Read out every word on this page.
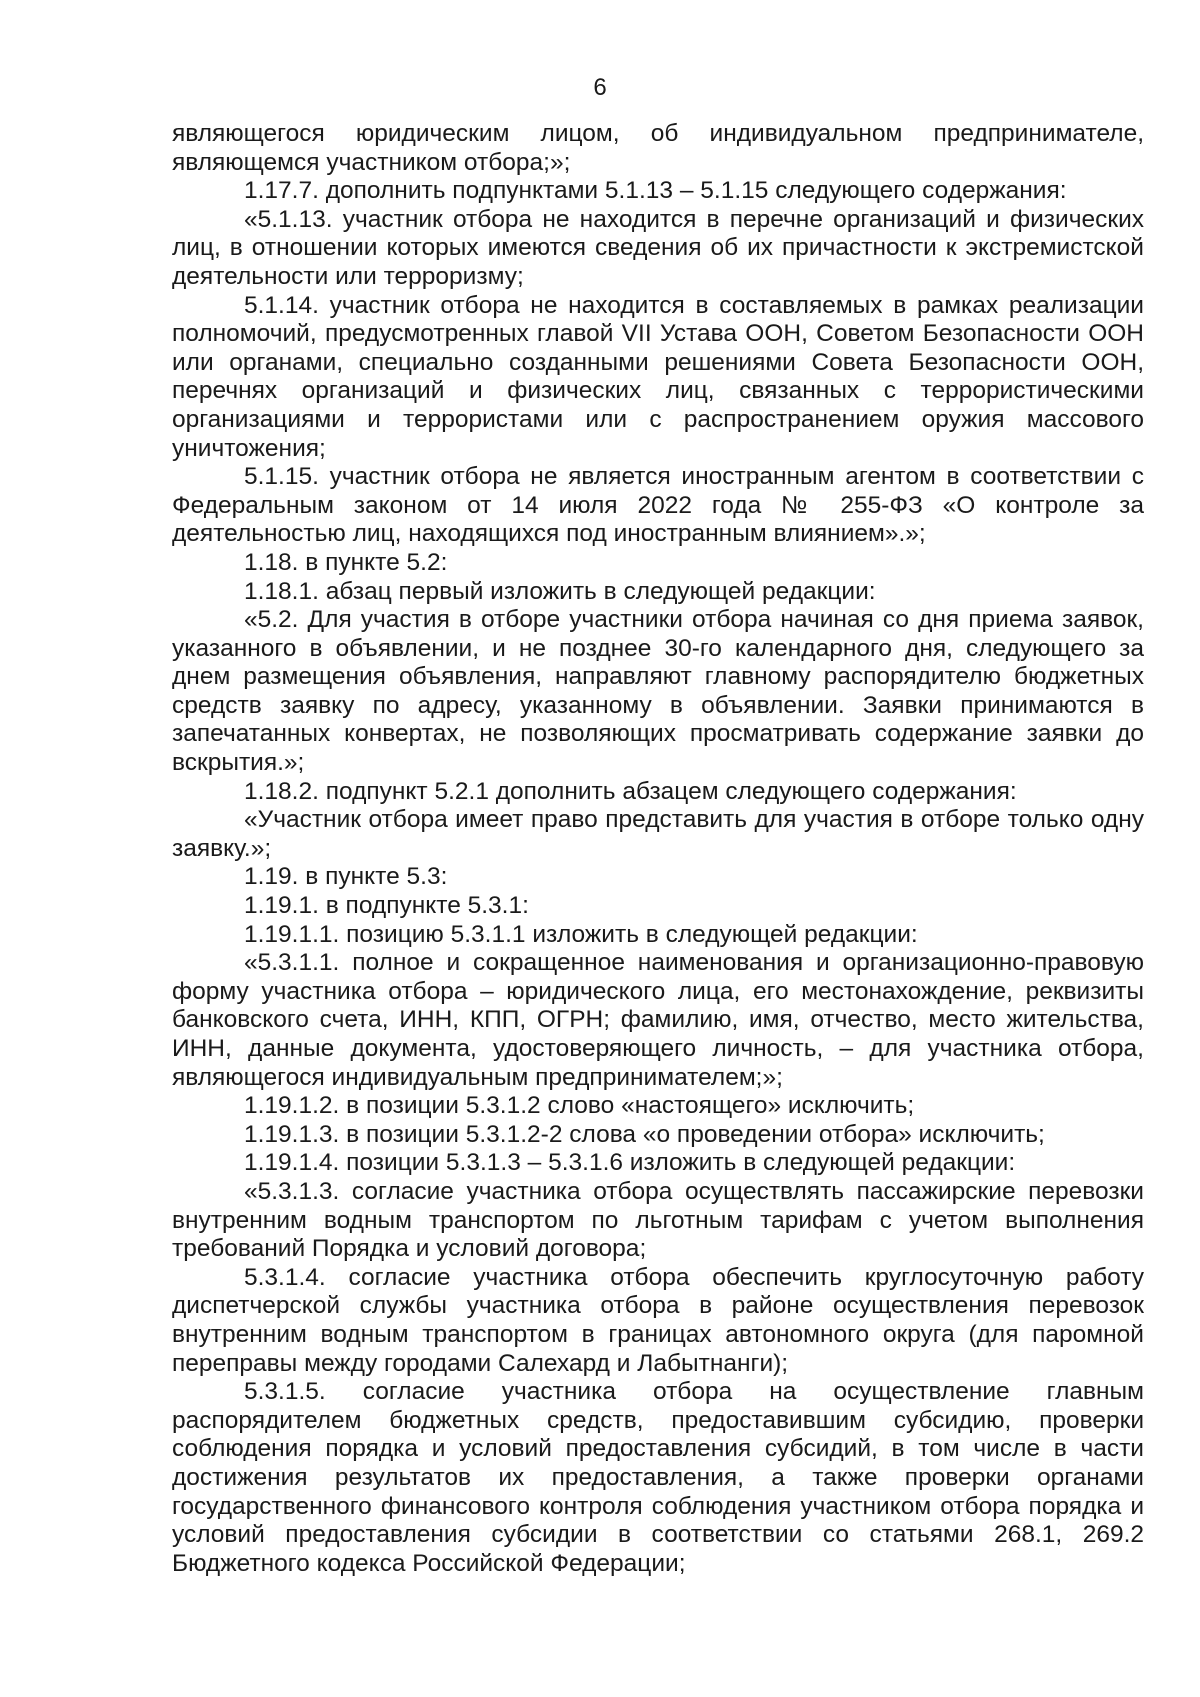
6

являющегося юридическим лицом, об индивидуальном предпринимателе, являющемся участником отбора;»;

1.17.7. дополнить подпунктами 5.1.13 – 5.1.15 следующего содержания:

«5.1.13. участник отбора не находится в перечне организаций и физических лиц, в отношении которых имеются сведения об их причастности к экстремистской деятельности или терроризму;

5.1.14. участник отбора не находится в составляемых в рамках реализации полномочий, предусмотренных главой VII Устава ООН, Советом Безопасности ООН или органами, специально созданными решениями Совета Безопасности ООН, перечнях организаций и физических лиц, связанных с террористическими организациями и террористами или с распространением оружия массового уничтожения;

5.1.15. участник отбора не является иностранным агентом в соответствии с Федеральным законом от 14 июля 2022 года № 255-ФЗ «О контроле за деятельностью лиц, находящихся под иностранным влиянием».»;

1.18. в пункте 5.2:

1.18.1. абзац первый изложить в следующей редакции:

«5.2. Для участия в отборе участники отбора начиная со дня приема заявок, указанного в объявлении, и не позднее 30-го календарного дня, следующего за днем размещения объявления, направляют главному распорядителю бюджетных средств заявку по адресу, указанному в объявлении. Заявки принимаются в запечатанных конвертах, не позволяющих просматривать содержание заявки до вскрытия.»;

1.18.2. подпункт 5.2.1 дополнить абзацем следующего содержания:

«Участник отбора имеет право представить для участия в отборе только одну заявку.»;

1.19. в пункте 5.3:

1.19.1. в подпункте 5.3.1:

1.19.1.1. позицию 5.3.1.1 изложить в следующей редакции:

«5.3.1.1. полное и сокращенное наименования и организационно-правовую форму участника отбора – юридического лица, его местонахождение, реквизиты банковского счета, ИНН, КПП, ОГРН; фамилию, имя, отчество, место жительства, ИНН, данные документа, удостоверяющего личность, – для участника отбора, являющегося индивидуальным предпринимателем;»;

1.19.1.2. в позиции 5.3.1.2 слово «настоящего» исключить;

1.19.1.3. в позиции 5.3.1.2-2 слова «о проведении отбора» исключить;

1.19.1.4. позиции 5.3.1.3 – 5.3.1.6 изложить в следующей редакции:

«5.3.1.3. согласие участника отбора осуществлять пассажирские перевозки внутренним водным транспортом по льготным тарифам с учетом выполнения требований Порядка и условий договора;

5.3.1.4. согласие участника отбора обеспечить круглосуточную работу диспетчерской службы участника отбора в районе осуществления перевозок внутренним водным транспортом в границах автономного округа (для паромной переправы между городами Салехард и Лабытнанги);

5.3.1.5. согласие участника отбора на осуществление главным распорядителем бюджетных средств, предоставившим субсидию, проверки соблюдения порядка и условий предоставления субсидий, в том числе в части достижения результатов их предоставления, а также проверки органами государственного финансового контроля соблюдения участником отбора порядка и условий предоставления субсидии в соответствии со статьями 268.1, 269.2 Бюджетного кодекса Российской Федерации;
